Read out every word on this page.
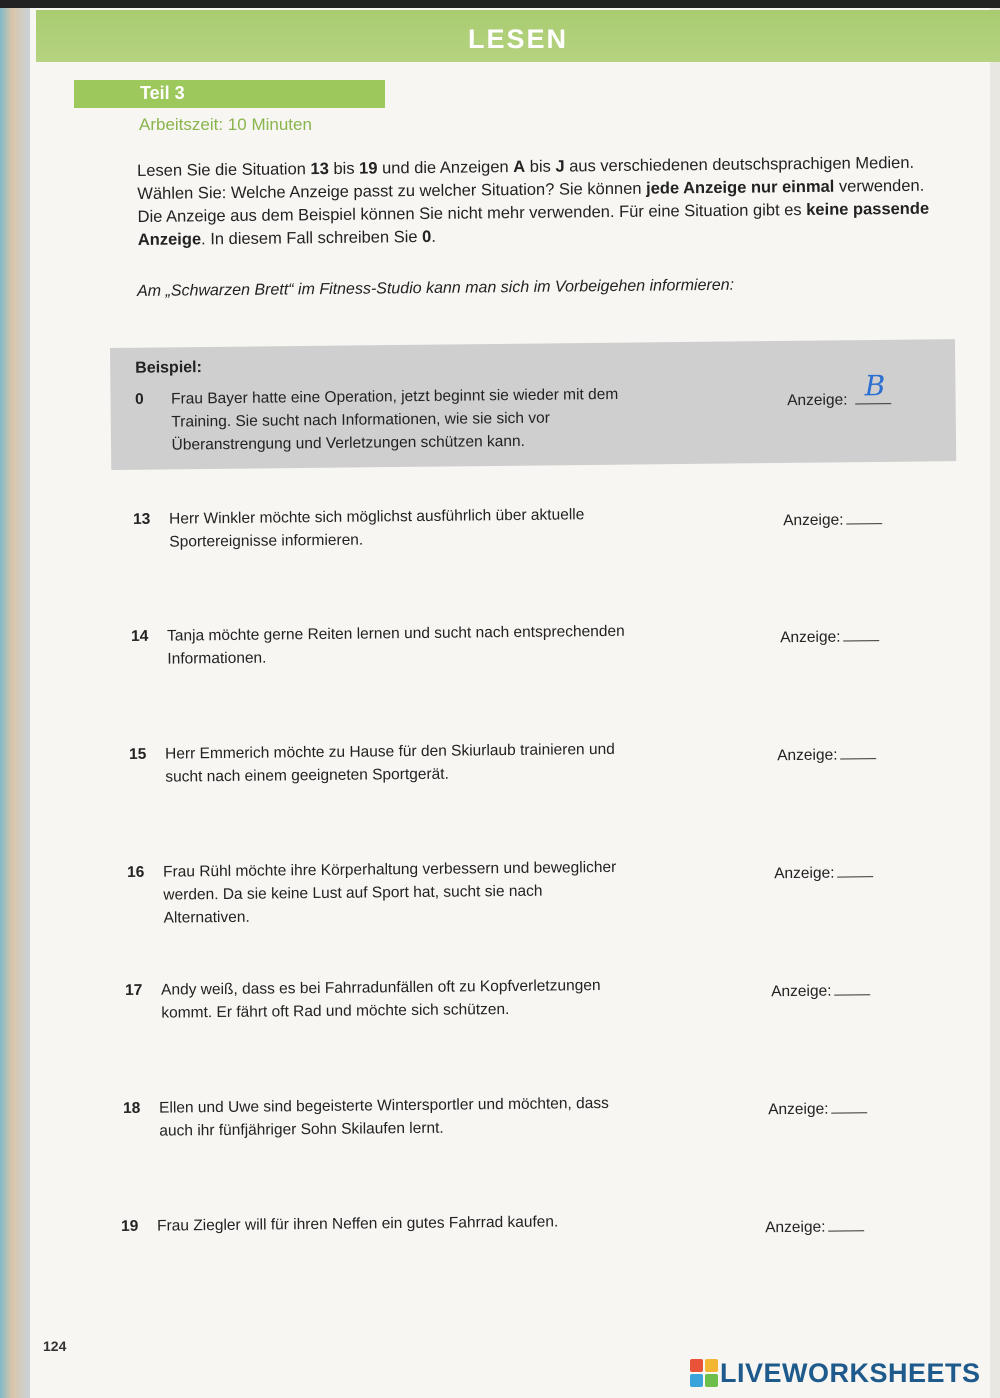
LESEN
Teil 3
Arbeitszeit: 10 Minuten
Lesen Sie die Situation 13 bis 19 und die Anzeigen A bis J aus verschiedenen deutschsprachigen Medien. Wählen Sie: Welche Anzeige passt zu welcher Situation? Sie können jede Anzeige nur einmal verwenden. Die Anzeige aus dem Beispiel können Sie nicht mehr verwenden. Für eine Situation gibt es keine passende Anzeige. In diesem Fall schreiben Sie 0.
Am „Schwarzen Brett“ im Fitness-Studio kann man sich im Vorbeigehen informieren:
Beispiel:
0	Frau Bayer hatte eine Operation, jetzt beginnt sie wieder mit dem Training. Sie sucht nach Informationen, wie sie sich vor Überanstrengung und Verletzungen schützen kann.
Anzeige: B
13	Herr Winkler möchte sich möglichst ausführlich über aktuelle Sportereignisse informieren.
Anzeige:
14	Tanja möchte gerne Reiten lernen und sucht nach entsprechenden Informationen.
Anzeige:
15	Herr Emmerich möchte zu Hause für den Skiurlaub trainieren und sucht nach einem geeigneten Sportgerät.
Anzeige:
16	Frau Rühl möchte ihre Körperhaltung verbessern und beweglicher werden. Da sie keine Lust auf Sport hat, sucht sie nach Alternativen.
Anzeige:
17	Andy weiß, dass es bei Fahrradunfällen oft zu Kopfverletzungen kommt. Er fährt oft Rad und möchte sich schützen.
Anzeige:
18	Ellen und Uwe sind begeisterte Wintersportler und möchten, dass auch ihr fünfjähriger Sohn Skilaufen lernt.
Anzeige:
19	Frau Ziegler will für ihren Neffen ein gutes Fahrrad kaufen.	Anzeige:
124
LIVEWORKSHEETS
